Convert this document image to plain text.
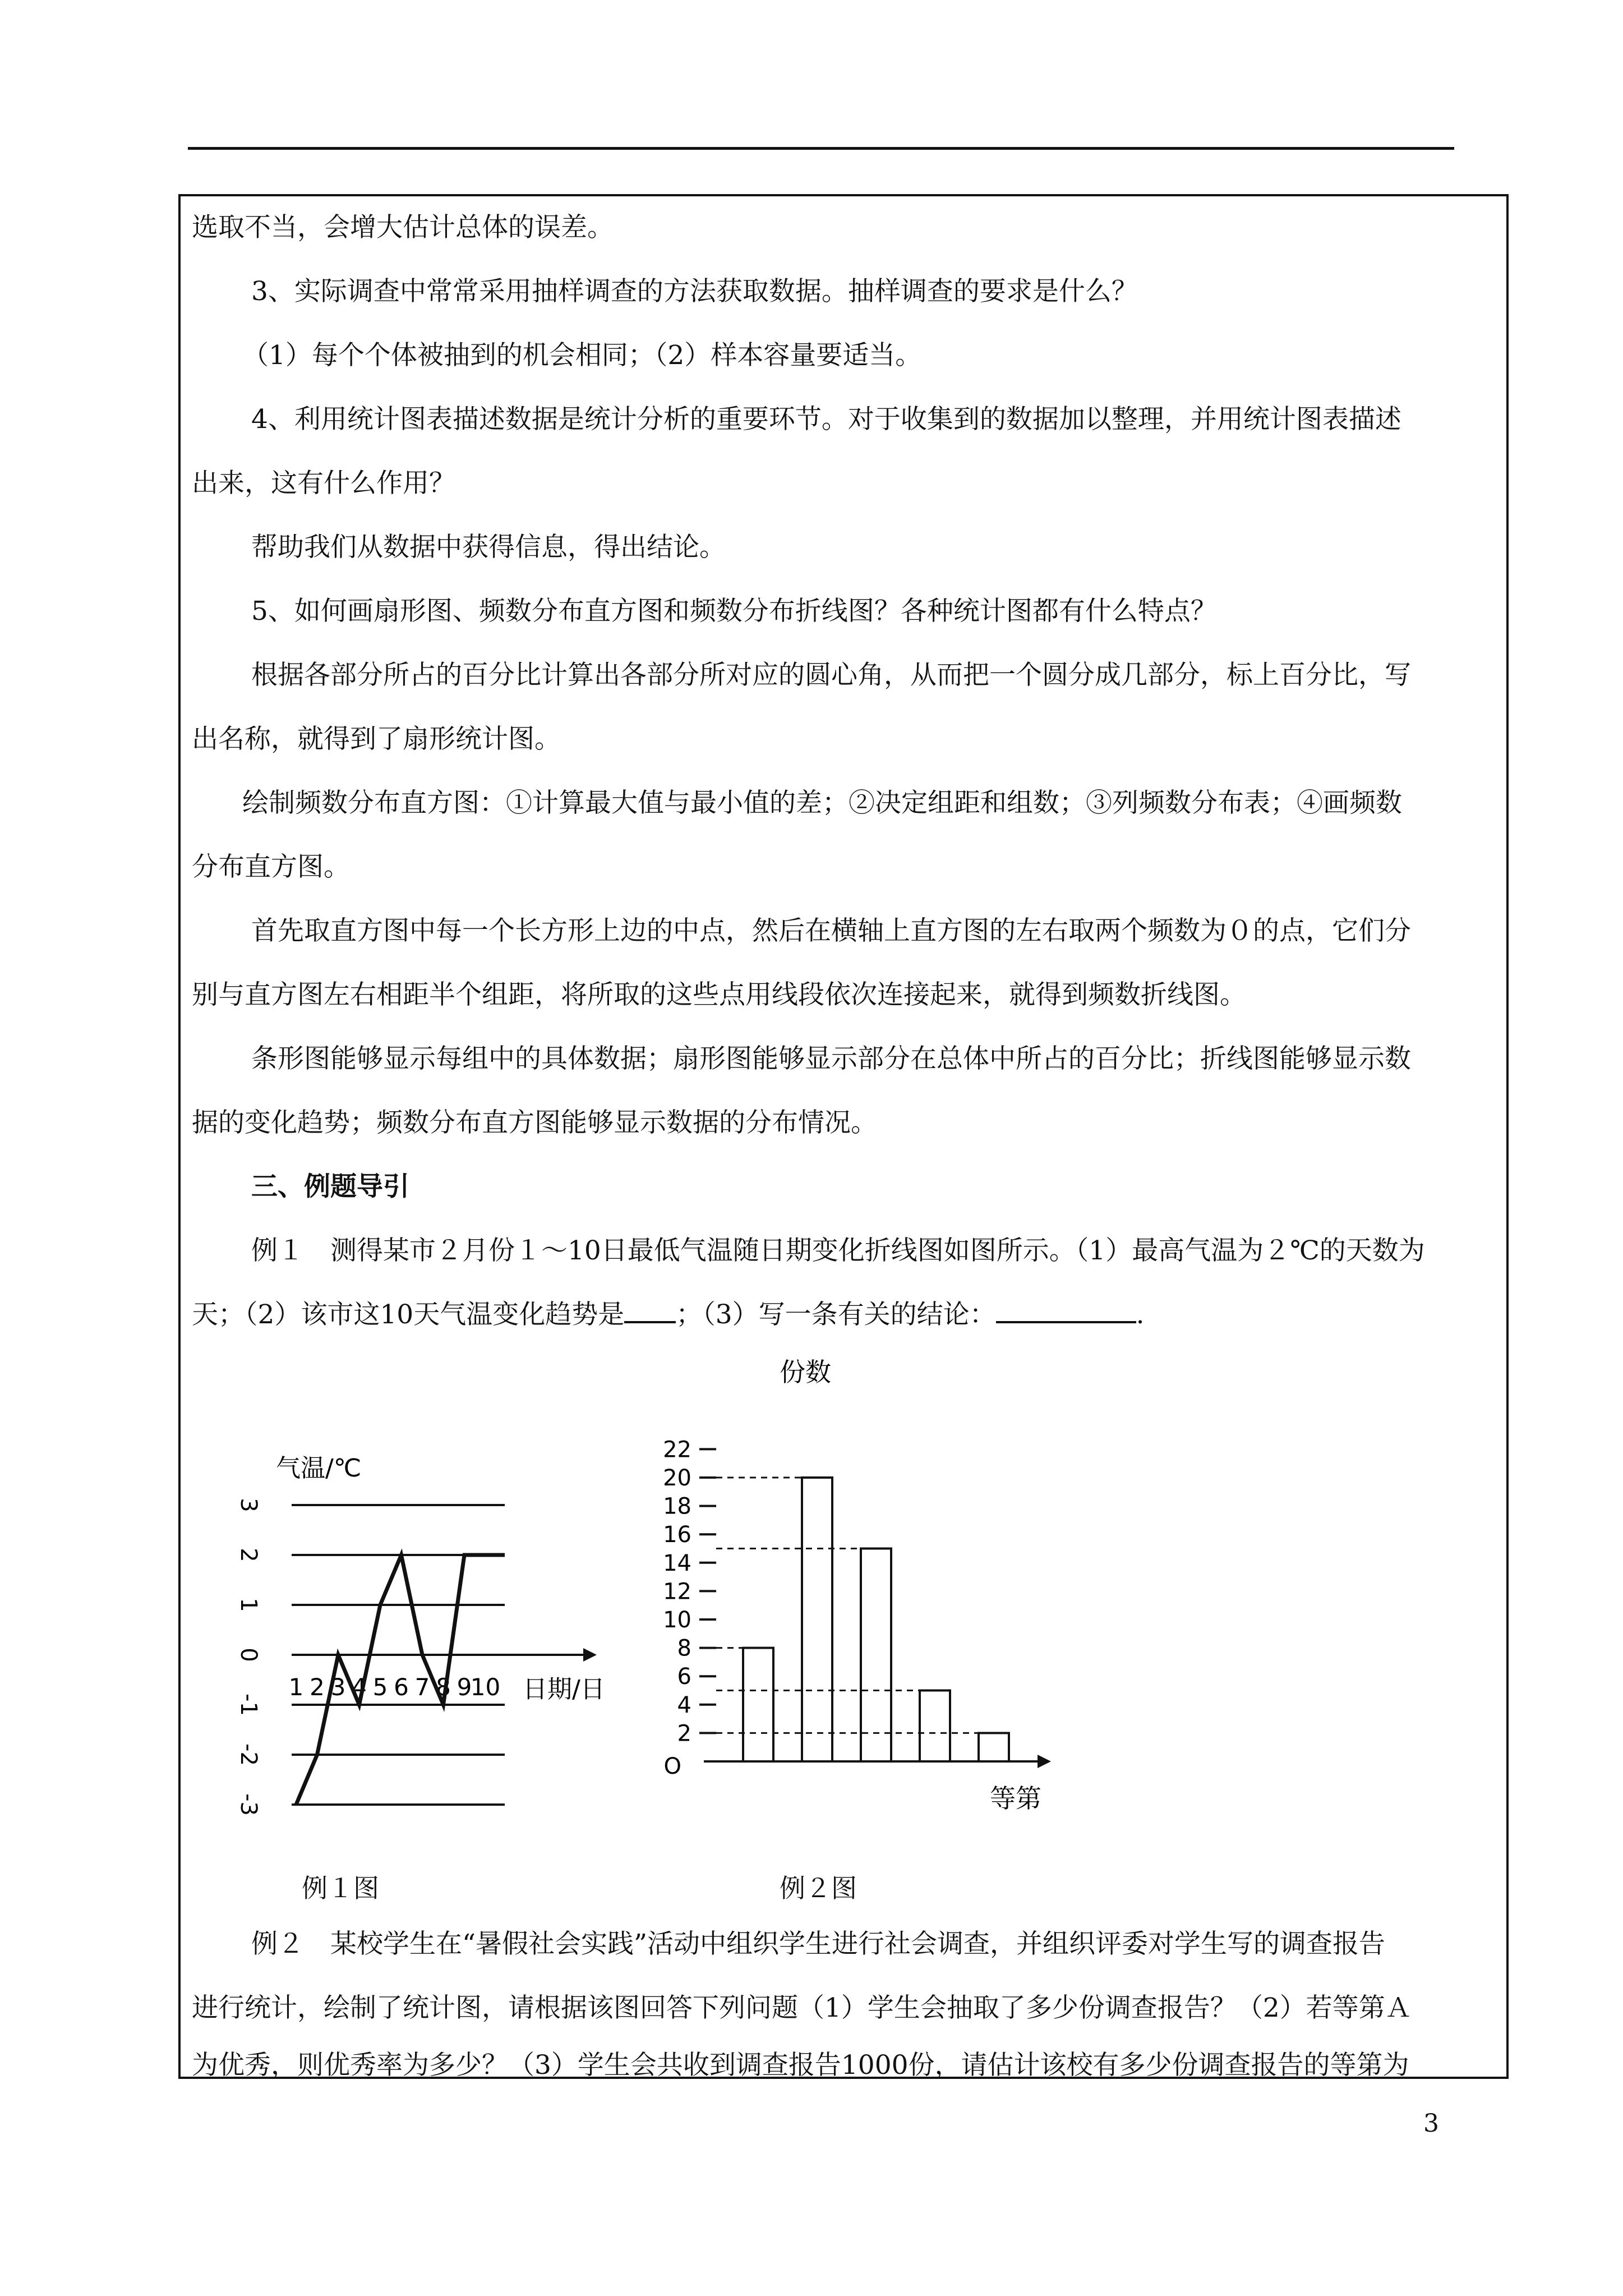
选取不当，会增大估计总体的误差。

3、实际调查中常常采用抽样调查的方法获取数据。抽样调查的要求是什么？

（1）每个个体被抽到的机会相同；（2）样本容量要适当。

4、利用统计图表描述数据是统计分析的重要环节。对于收集到的数据加以整理，并用统计图表描述

出来，这有什么作用？

帮助我们从数据中获得信息，得出结论。

5、如何画扇形图、频数分布直方图和频数分布折线图？各种统计图都有什么特点？

根据各部分所占的百分比计算出各部分所对应的圆心角，从而把一个圆分成几部分，标上百分比，写

出名称，就得到了扇形统计图。

绘制频数分布直方图：①计算最大值与最小值的差；②决定组距和组数；③列频数分布表；④画频数

分布直方图。

首先取直方图中每一个长方形上边的中点，然后在横轴上直方图的左右取两个频数为０的点，它们分

别与直方图左右相距半个组距，将所取的这些点用线段依次连接起来，就得到频数折线图。

条形图能够显示每组中的具体数据；扇形图能够显示部分在总体中所占的百分比；折线图能够显示数

据的变化趋势；频数分布直方图能够显示数据的分布情况。

三、例题导引

例１　测得某市２月份１～10日最低气温随日期变化折线图如图所示。（1）最高气温为２℃的天数为

天；（2）该市这10天气温变化趋势是 ；（3）写一条有关的结论：	.

气温/℃
3
2
1
0
-1
-2
-3
1 2 3 4 5 6 7 8 9
10 日期/日
份数
O
2
4
6
8
10
12
14
16
18
20
22
等第
例１图	例２图

例２　某校学生在“暑假社会实践”活动中组织学生进行社会调查，并组织评委对学生写的调查报告

进行统计，绘制了统计图，请根据该图回答下列问题（1）学生会抽取了多少份调查报告？（2）若等第Ａ

为优秀，则优秀率为多少？（3）学生会共收到调查报告1000份，请估计该校有多少份调查报告的等第为

3
